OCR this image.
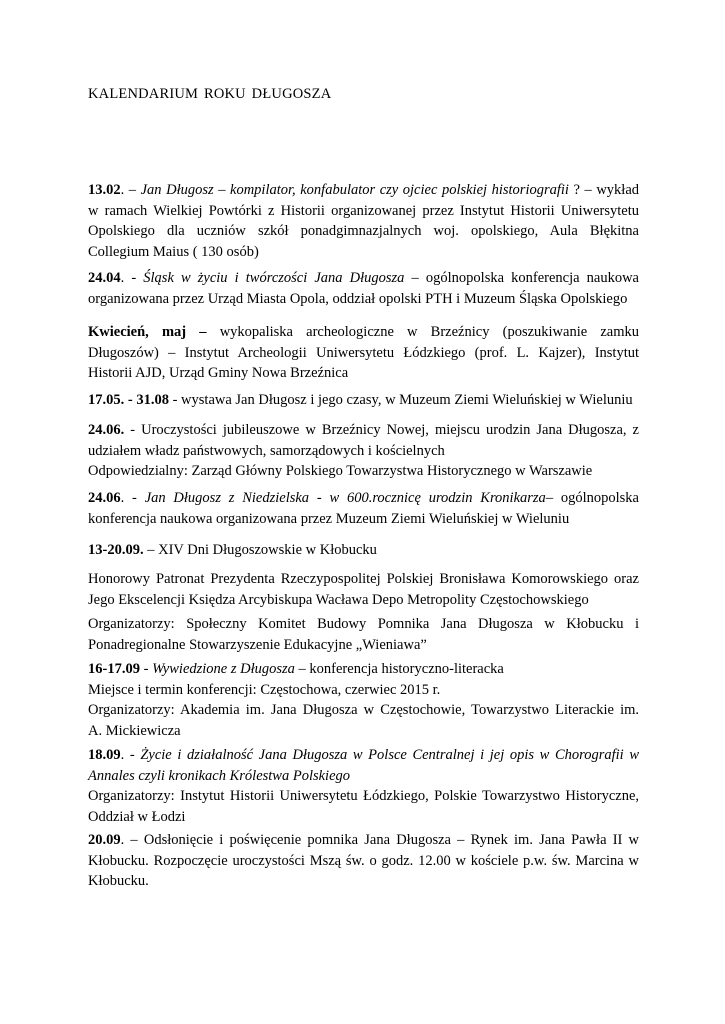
KALENDARIUM ROKU DŁUGOSZA
13.02. – Jan Długosz – kompilator, konfabulator czy ojciec polskiej historiografii ? – wykład
w ramach Wielkiej Powtórki z Historii organizowanej przez Instytut Historii Uniwersytetu
Opolskiego dla uczniów szkół ponadgimnazjalnych woj. opolskiego, Aula Błękitna
Collegium Maius ( 130 osób)
24.04. - Śląsk w życiu i twórczości Jana Długosza – ogólnopolska konferencja naukowa
organizowana przez Urząd Miasta Opola, oddział opolski PTH i Muzeum Śląska Opolskiego
Kwiecień, maj – wykopaliska archeologiczne w Brzeźnicy (poszukiwanie zamku
Długoszów) – Instytut Archeologii Uniwersytetu Łódzkiego (prof. L. Kajzer), Instytut
Historii AJD, Urząd Gminy Nowa Brzeźnica
17.05. - 31.08 - wystawa Jan Długosz i jego czasy, w Muzeum Ziemi Wieluńskiej w Wieluniu
24.06. - Uroczystości jubileuszowe w Brzeźnicy Nowej, miejscu urodzin Jana Długosza, z
udziałem władz państwowych, samorządowych i kościelnych
Odpowiedzialny: Zarząd Główny Polskiego Towarzystwa Historycznego w Warszawie
24.06. - Jan Długosz z Niedzielska - w 600.rocznicę urodzin Kronikarza– ogólnopolska
konferencja naukowa organizowana przez Muzeum Ziemi Wieluńskiej w Wieluniu
13-20.09. – XIV Dni Długoszowskie w Kłobucku
Honorowy Patronat Prezydenta Rzeczypospolitej Polskiej Bronisława Komorowskiego oraz
Jego Ekscelencji Księdza Arcybiskupa Wacława Depo Metropolity Częstochowskiego
Organizatorzy: Społeczny Komitet Budowy Pomnika Jana Długosza w Kłobucku i
Ponadregionalne Stowarzyszenie Edukacyjne „Wieniawa”
16-17.09 - Wywiedzione z Długosza – konferencja historyczno-literacka
Miejsce i termin konferencji: Częstochowa, czerwiec 2015 r.
Organizatorzy: Akademia im. Jana Długosza w Częstochowie, Towarzystwo Literackie im.
A. Mickiewicza
18.09. - Życie i działalność Jana Długosza w Polsce Centralnej i jej opis w Chorografii w
Annales czyli kronikach Królestwa Polskiego
Organizatorzy: Instytut Historii Uniwersytetu Łódzkiego, Polskie Towarzystwo Historyczne,
Oddział w Łodzi
20.09. – Odsłonięcie i poświęcenie pomnika Jana Długosza – Rynek im. Jana Pawła II w
Kłobucku. Rozpoczęcie uroczystości Mszą św. o godz. 12.00 w kościele p.w. św. Marcina w
Kłobucku.
